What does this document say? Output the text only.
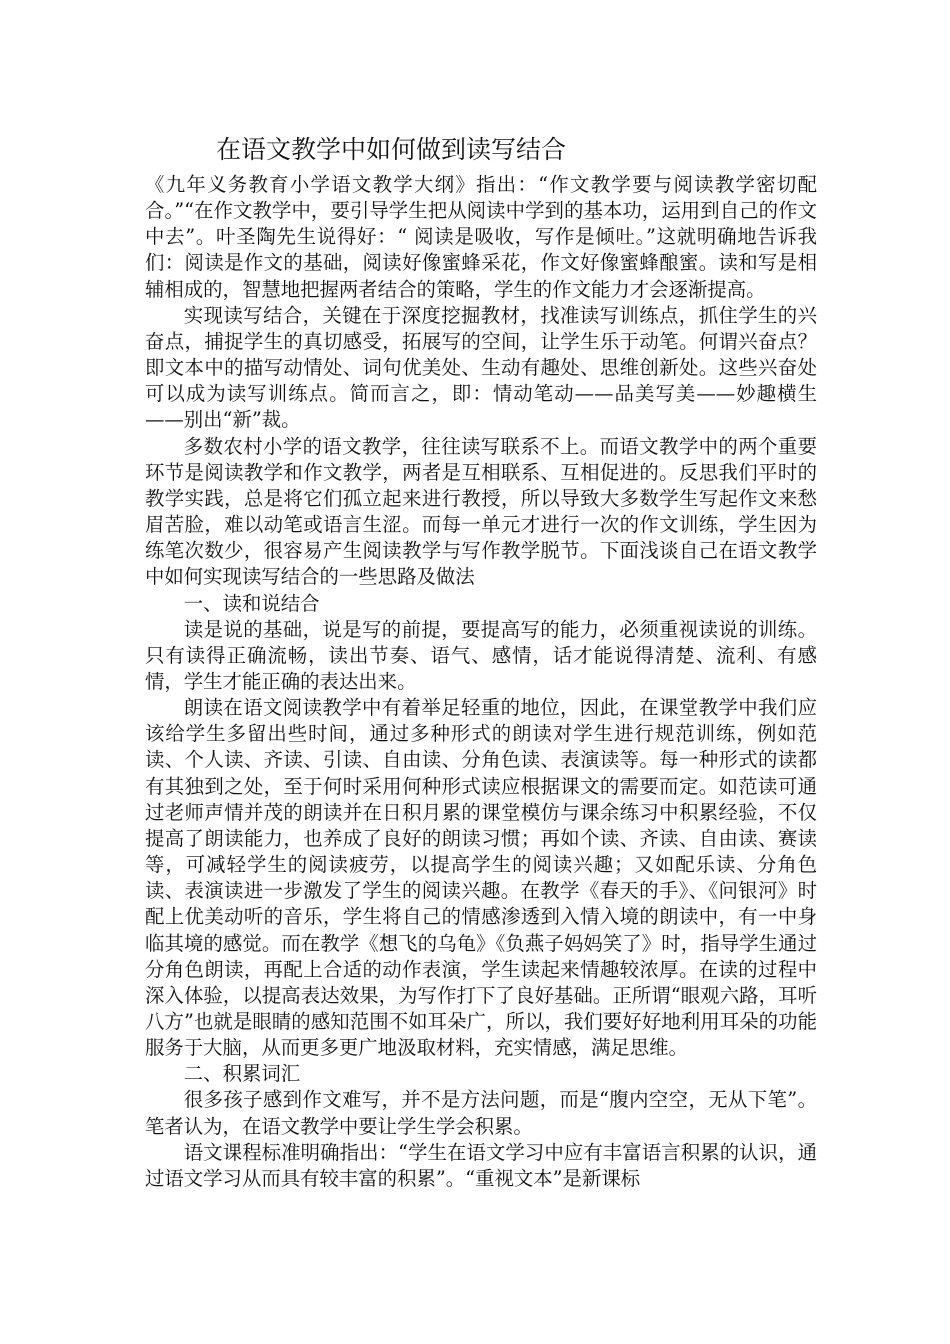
在语文教学中如何做到读写结合

《九年义务教育小学语文教学大纲》指出：“作文教学要与阅读教学密切配合。”“在作文教学中，要引导学生把从阅读中学到的基本功，运用到自己的作文中去”。叶圣陶先生说得好：“ 阅读是吸收，写作是倾吐。”这就明确地告诉我们：阅读是作文的基础，阅读好像蜜蜂采花，作文好像蜜蜂酿蜜。读和写是相辅相成的，智慧地把握两者结合的策略，学生的作文能力才会逐渐提高。

实现读写结合，关键在于深度挖掘教材，找准读写训练点，抓住学生的兴奋点，捕捉学生的真切感受，拓展写的空间，让学生乐于动笔。何谓兴奋点？即文本中的描写动情处、词句优美处、生动有趣处、思维创新处。这些兴奋处可以成为读写训练点。简而言之，即：情动笔动——品美写美——妙趣横生——别出“新”裁。

多数农村小学的语文教学，往往读写联系不上。而语文教学中的两个重要环节是阅读教学和作文教学，两者是互相联系、互相促进的。反思我们平时的教学实践，总是将它们孤立起来进行教授，所以导致大多数学生写起作文来愁眉苦脸，难以动笔或语言生涩。而每一单元才进行一次的作文训练，学生因为练笔次数少，很容易产生阅读教学与写作教学脱节。下面浅谈自己在语文教学中如何实现读写结合的一些思路及做法

一、读和说结合

读是说的基础，说是写的前提，要提高写的能力，必须重视读说的训练。只有读得正确流畅，读出节奏、语气、感情，话才能说得清楚、流利、有感情，学生才能正确的表达出来。

朗读在语文阅读教学中有着举足轻重的地位，因此，在课堂教学中我们应该给学生多留出些时间，通过多种形式的朗读对学生进行规范训练，例如范读、个人读、齐读、引读、自由读、分角色读、表演读等。每一种形式的读都有其独到之处，至于何时采用何种形式读应根据课文的需要而定。如范读可通过老师声情并茂的朗读并在日积月累的课堂模仿与课余练习中积累经验，不仅提高了朗读能力，也养成了良好的朗读习惯；再如个读、齐读、自由读、赛读等，可减轻学生的阅读疲劳，以提高学生的阅读兴趣；又如配乐读、分角色读、表演读进一步激发了学生的阅读兴趣。在教学《春天的手》、《问银河》时配上优美动听的音乐，学生将自己的情感渗透到入情入境的朗读中，有一中身临其境的感觉。而在教学《想飞的乌龟》《负燕子妈妈笑了》时，指导学生通过分角色朗读，再配上合适的动作表演，学生读起来情趣较浓厚。在读的过程中深入体验，以提高表达效果，为写作打下了良好基础。正所谓“眼观六路，耳听八方”也就是眼睛的感知范围不如耳朵广，所以，我们要好好地利用耳朵的功能服务于大脑，从而更多更广地汲取材料，充实情感，满足思维。

二、积累词汇

很多孩子感到作文难写，并不是方法问题，而是“腹内空空，无从下笔”。笔者认为，在语文教学中要让学生学会积累。

语文课程标准明确指出：“学生在语文学习中应有丰富语言积累的认识，通过语文学习从而具有较丰富的积累”。“重视文本”是新课标
